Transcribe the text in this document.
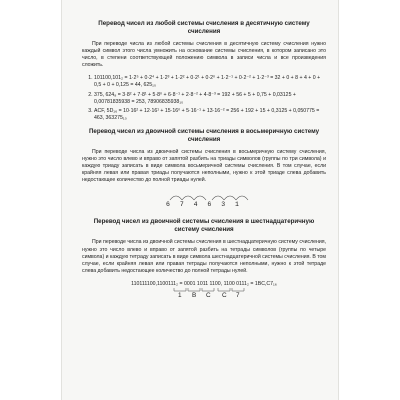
Перевод чисел из любой системы счисления в десятичную систему счисления

При переводе числа из любой системы счисления в десятичную систему счисления нужно каждый символ этого числа умножить на основание системы счисления, в котором записано это число, в степени соответствующей положению символа в записи числа и все произведения сложить.

1. 101100,101₂ = 1·2⁵ + 0·2⁴ + 1·2³ + 1·2² + 0·2¹ + 0·2⁰ + 1·2⁻¹ + 0·2⁻² + 1·2⁻³ = 32 + 0 + 8 + 4 + 0 + 0,5 + 0 + 0,125 = 44, 625₁₀
2. 375, 624₈ = 3·8² + 7·8¹ + 5·8⁰ + 6·8⁻¹ + 2·8⁻² + 4·8⁻³ = 192 + 56 + 5 + 0,75 + 0,03125 + 0,00781835938 = 253, 78906835938₁₀
3. ACF, 5D₁₆ = 10·16² + 12·16¹ + 15·16⁰ + 5·16⁻¹ + 13·16⁻² = 256 + 192 + 15 + 0,3125 + 0,050775 = 463, 363275₁₀
Перевод чисел из двоичной системы счисления в восьмеричную систему счисления

При переводе числа из двоичной системы счисления в восьмеричную систему счисления, нужно это число влево и вправо от запятой разбить на триады символов (группы по три символа) и каждую триаду записать в виде символа восьмеричной системы счисления. В том случае, если крайняя левая или правая триады получаются неполными, нужно к этой триаде слева добавить недостающее количество до полной триады нулей.

6 7 4 6 3 1
Перевод чисел из двоичной системы счисления в шестнадцатеричную систему счисления

При переводе числа из двоичной системы счисления в шестнадцатеричную систему счисления, нужно это число влево и вправо от запятой разбить на тетрады символов (группы по четыре символа) и каждую тетраду записать в виде символа шестнадцатеричной системы счисления. В том случае, если крайняя левая или правая тетрады получаются неполными, нужно к этой тетраде слева добавить недостающее количество до полной тетрады нулей.

110111100,1100111₂ = 0001 1011 1100, 1100 0111₂ = 1BC,C7₁₆
1 B C C 7
